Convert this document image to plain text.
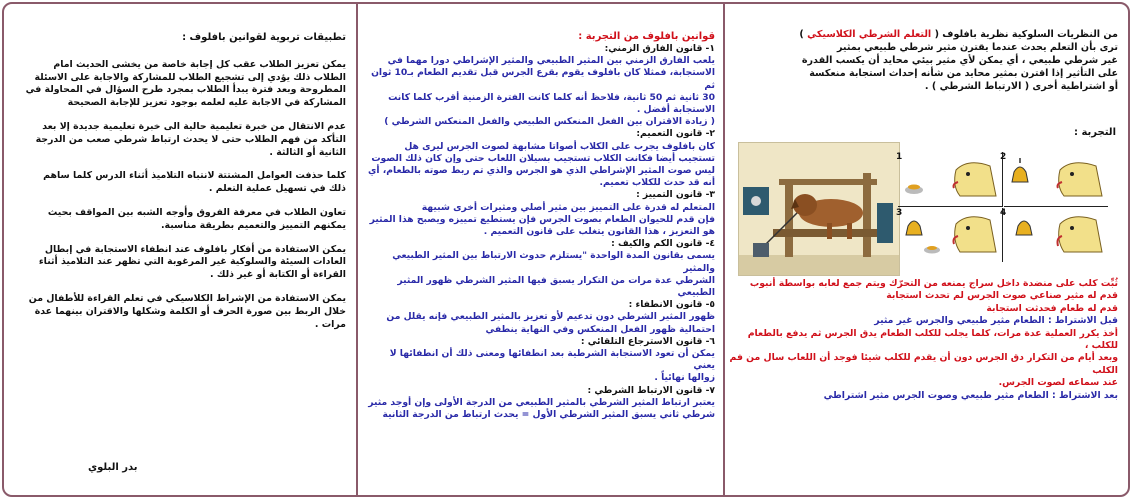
من النظريات السلوكية نظرية بافلوف ( التعلم الشرطي الكلاسيكي )
ترى بأن التعلم يحدث عندما يقترن مثير شرطي طبيعي بمثير
غير شرطي طبيعي ، أي يمكن لأي مثير بيئي محايد أن يكسب القدرة
على التأثير إذا اقترن بمثير محايد من شأنه إحداث استجابة منعكسة
أو اشتراطية أخرى ( الارتباط الشرطي ) .
التجربة :
1	2
3	4
ثُبِّت كلب على منضدة داخل سراج يمنعه من التحرّك ويتم جمع لعابه بواسطة أنبوب
قدم له مثير صناعي صوت الجرس لم تحدث استجابة
قدم له طعام فحدثت استجابة
قبل الاشتراط : الطعام مثير طبيعي والجرس غير مثير
أخذ يكرر العملية عدة مرات، كلما يجلب للكلب الطعام يدق الجرس ثم يدفع بالطعام للكلب ،
وبعد أيام من التكرار دق الجرس دون أن يقدم للكلب شيئا فوجد أن اللعاب سال من فم الكلب
عند سماعه لصوت الجرس.
بعد الاشتراط : الطعام مثير طبيعي وصوت الجرس مثير اشتراطي
قوانين بافلوف من التجربة :
١- قانون الفارق الزمني:
يلعب الفارق الزمني بين المثير الطبيعي والمثير الإشراطي دورا مهما في
الاستجابة، فمثلا كان بافلوف يقوم بقرع الجرس قبل تقديم الطعام بـ10 ثوان ثم
30 ثانية ثم 50 ثانية، فلاحظ أنه كلما كانت الفترة الزمنية أقرب كلما كانت
الاستجابة أفضل .
( زيادة الاقتران بين الفعل المنعكس الطبيعي والفعل المنعكس الشرطي )
٢- قانون التعميم:
كان بافلوف يجرب على الكلاب أصواتا مشابهة لصوت الجرس ليرى هل
تستجيب أيضا فكانت الكلاب تستجيب بسيلان اللعاب حتى وإن كان ذلك الصوت
ليس صوت المثير الإشراطي الذي هو الجرس والذي تم ربط صوته بالطعام، أي
أنه قد حدث للكلاب تعميم.
٣- قانون التمييز :
المتعلم له قدرة على التمييز بين مثير أصلي ومثيرات أخرى شبيهة
فإن قدم للحيوان الطعام بصوت الجرس فإن يستطيع تمييزه ويصبح هذا المثير
هو التعزيز ، هذا القانون يتغلب على قانون التعميم .
٤- قانون الكم والكيف :
يسمى بقانون المدة الواحدة "يستلزم حدوث الارتباط بين المثير الطبيعي والمثير
الشرطي عدة مرات من التكرار يسبق فيها المثير الشرطي ظهور المثير الطبيعي
٥- قانون الانطفاء :
ظهور المثير الشرطي دون تدعيم لأو تعزيز بالمثير الطبيعي فإنه يقلل من
احتمالية ظهور الفعل المنعكس وفي النهاية ينطفي
٦- قانون الاسترجاع التلقائي :
يمكن أن تعود الاستجابة الشرطية بعد انطفائها ومعنى ذلك أن انطفائها لا يعني
زوالها نهائياً .
٧- قانون الارتباط الشرطي :
يعتبر ارتباط المثير الشرطي بالمثير الطبيعي من الدرجة الأولى وإن أوجد مثير
شرطي ثاني يسبق المثير الشرطي الأول = يحدث ارتباط من الدرجة الثانية
تطبيقات تربوية لقوانين بافلوف :
يمكن تعزيز الطلاب عقب كل إجابة خاصة من يخشى الحديث امام
الطلاب ذلك يؤدي إلى تشجيع الطلاب للمشاركة والاجابة على الاسئلة
المطروحة وبعد فترة يبدأ الطلاب بمجرد طرح السؤال في المحاولة في
المشاركة في الاجابة عليه لعلمه بوجود تعزيز للإجابة الصحيحة
عدم الانتقال من خبرة تعليمية حالية الى خبرة تعليمية جديدة إلا بعد
التأكد من فهم الطلاب حتى لا يحدث ارتباط شرطي صعب من الدرجة
الثانية أو الثالثة .
كلما حذفت العوامل المشتتة لانتباه التلاميذ أثناء الدرس كلما ساهم
ذلك في تسهيل عملية التعلم .
تعاون الطلاب في معرفة الفروق وأوجه الشبه بين المواقف بحيث
يمكنهم التمييز والتعميم بطريقة مناسبة.
يمكن الاستفادة من أفكار بافلوف عند انطفاء الاستجابة في إبطال
العادات السيئة والسلوكية غير المرغوبة التي تظهر عند التلاميذ أثناء
القراءة أو الكتابة أو غير ذلك .
يمكن الاستفادة من الإشراط الكلاسيكي في تعلم القراءة للأطفال من
خلال الربط بين صورة الحرف أو الكلمة وشكلها والاقتران بينهما عدة
مرات .
بدر البلوي
